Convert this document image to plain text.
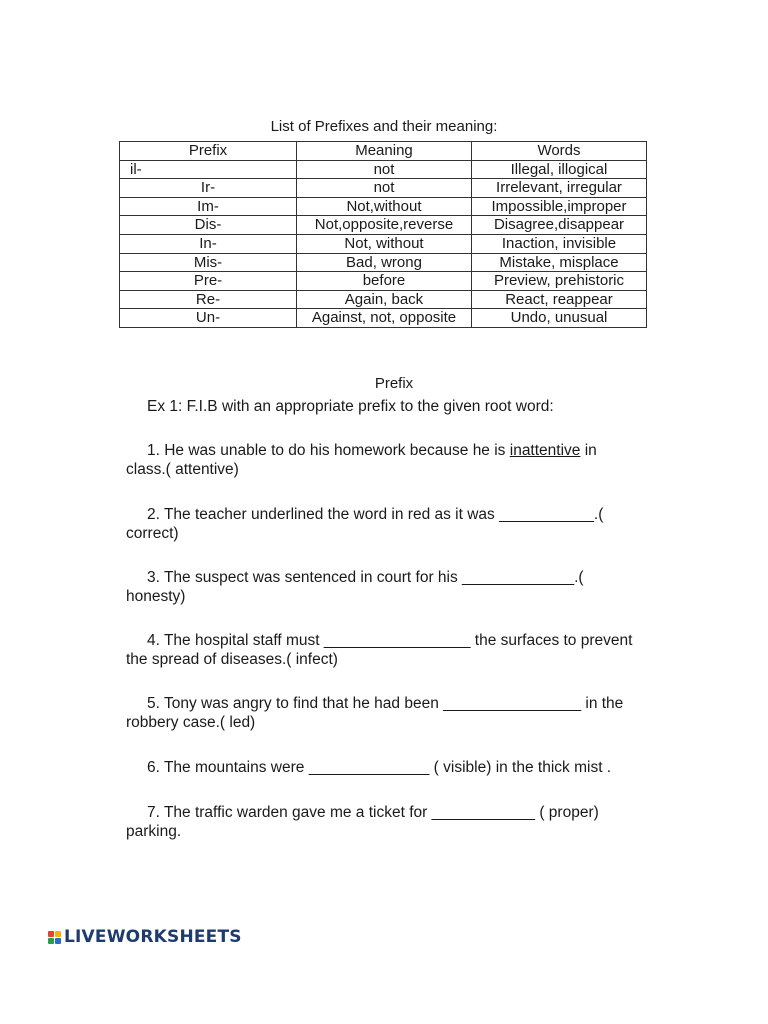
List of Prefixes and their meaning:
Prefix	Meaning	Words
il-	not	Illegal, illogical
Ir-	not	Irrelevant, irregular
Im-	Not,without	Impossible,improper
Dis-	Not,opposite,reverse	Disagree,disappear
In-	Not, without	Inaction, invisible
Mis-	Bad, wrong	Mistake, misplace
Pre-	before	Preview, prehistoric
Re-	Again, back	React, reappear
Un-	Against, not, opposite	Undo, unusual
Prefix
Ex 1: F.I.B with an appropriate prefix to the given root word:
1. He was unable to do his homework because he is inattentive in
class.( attentive)
2. The teacher underlined the word in red as it was ___________.(
correct)
3. The suspect was sentenced in court for his _____________.(
honesty)
4. The hospital staff must _________________ the surfaces to prevent
the spread of diseases.( infect)
5. Tony was angry to find that he had been ________________ in the
robbery case.( led)
6. The mountains were ______________ ( visible) in the thick mist .
7. The traffic warden gave me a ticket for ____________ ( proper)
parking.
LIVEWORKSHEETS
